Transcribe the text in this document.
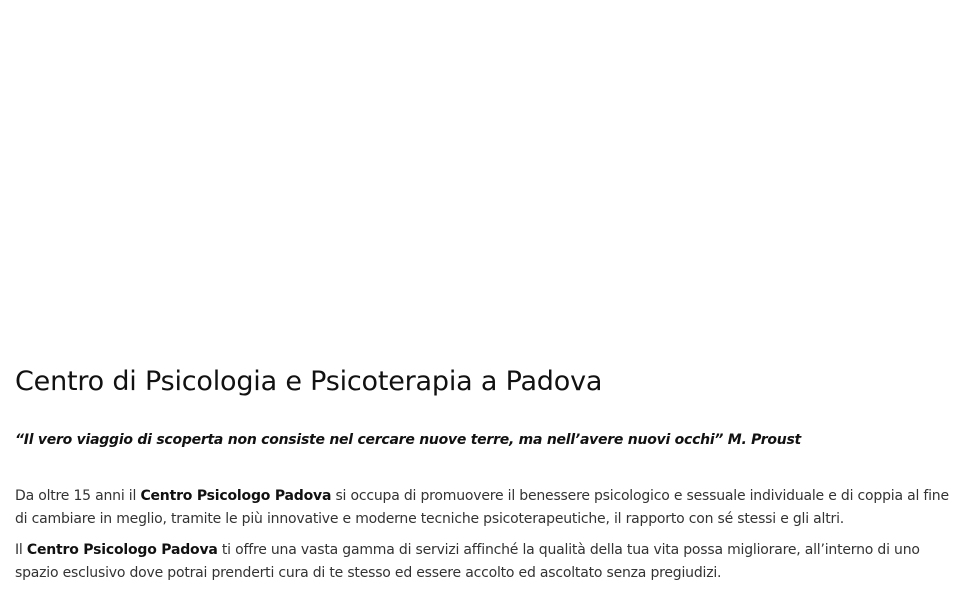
Centro di Psicologia e Psicoterapia a Padova

“Il vero viaggio di scoperta non consiste nel cercare nuove terre, ma nell’avere nuovi occhi” M. Proust

Da oltre 15 anni il Centro Psicologo Padova si occupa di promuovere il benessere psicologico e sessuale individuale e di coppia al fine di cambiare in meglio, tramite le più innovative e moderne tecniche psicoterapeutiche, il rapporto con sé stessi e gli altri.

Il Centro Psicologo Padova ti offre una vasta gamma di servizi affinché la qualità della tua vita possa migliorare, all’interno di uno spazio esclusivo dove potrai prenderti cura di te stesso ed essere accolto ed ascoltato senza pregiudizi.
